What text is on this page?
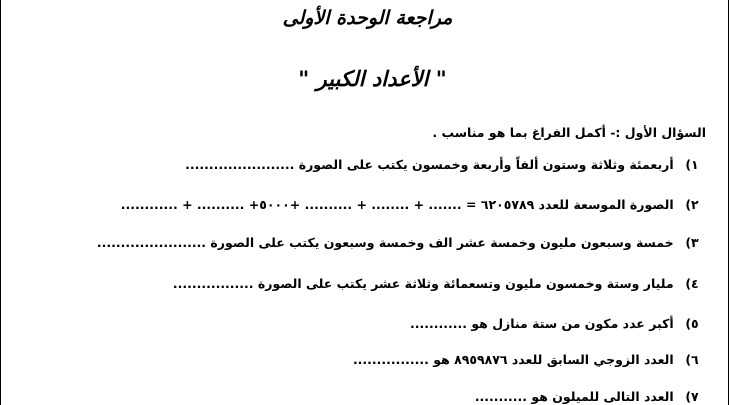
مراجعة الوحدة الأولى
" الأعداد الكبير "
السؤال الأول :- أكمل الفراغ بما هو مناسب .
١) أربعمئة وثلاثة وستون ألفاً وأربعة وخمسون يكتب على الصورة .......................
٢) الصورة الموسعة للعدد ٦٢٠٥٧٨٩ = ....... + ........ + .......... +٥٠٠٠+ .......... + ............
٣) خمسة وسبعون مليون وخمسة عشر الف وخمسة وسبعون يكتب على الصورة .......................
٤) مليار وستة وخمسون مليون وتسعمائة وثلاثة عشر يكتب على الصورة .................
٥) أكبر عدد مكون من ستة منازل هو ............
٦) العدد الزوجي السابق للعدد ٨٩٥٩٨٧٦ هو ................
٧) العدد التالى للميلون هو ...........
